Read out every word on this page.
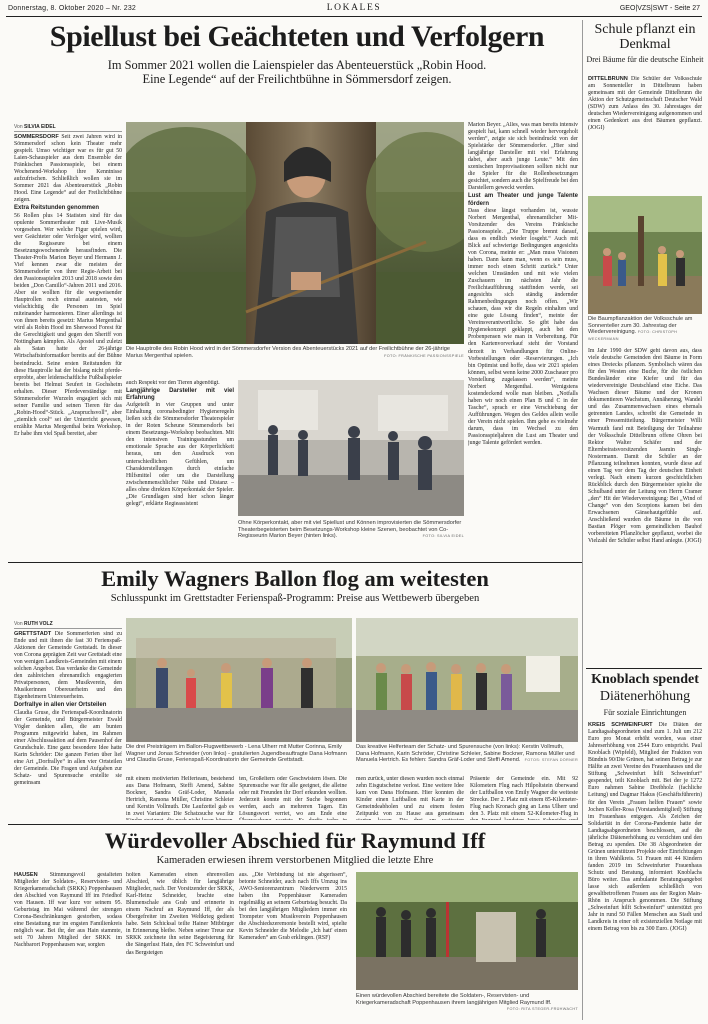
Donnerstag, 8. Oktober 2020 – Nr. 232	LOKALES	GEO|VZS|SWT - Seite 27
Spiellust bei Geächteten und Verfolgern
Im Sommer 2021 wollen die Laienspieler das Abenteuerstück „Robin Hood.
Eine Legende“ auf der Freilichtbühne in Sömmersdorf zeigen.
Von SILVIA EIDEL
SÖMMERSDORF Seit zwei Jahren wird in Sömmersdorf schon kein Theater mehr gespielt. Umso wichtiger war es für gut 50 Laien-Schauspieler aus dem Ensemble der Fränkischen Passionsspiele, bei einem Wochenend-Workshop ihre Kenntnisse aufzufrischen. Schließlich wollen sie im Sommer 2021 das Abenteuerstück „Robin Hood. Eine Legende“ auf der Freilichtbühne zeigen.
Extra Reitstunden genommen
56 Rollen plus 14 Statisten sind für das opulente Sommertheater mit Live-Musik vorgesehen. Wer welche Figur spielen wird, wer Geächteter oder Verfolger wird, wollten die Regisseure bei einem Besetzungswochenende herausfinden. Die Theater-Profis Marion Beyer und Hermann J. Vief kennen zwar die meisten der Sömmersdorfer von ihrer Regie-Arbeit bei den Passionsspielen 2013 und 2018 sowie den beiden „Don Camillo“-Jahren 2011 und 2016. Aber sie wollten für die wegweisender Hauptrollen noch einmal austesten, wie vielschichtig die Personen im Spiel miteinander harmonieren. Einer allerdings ist von ihnen bereits gesetzt: Marius Mergenthal wird als Robin Hood im Sherwood Forest für die Gerechtigkeit und gegen den Sheriff von Nottingham kämpfen. Als Apostel und zuletzt als Satan hatte der 26-jährige Wirtschaftsinformatiker bereits auf der Bühne beeindruckt. Seine ersten Reitstunden für diese Hauptrolle hat der bislang nicht pferde-erprobte, aber leidenschaftliche Fußballspieler bereits bei Helmut Seufert in Gochsheim erhalten. Dieser Pferdeverständige mit Sömmersdorfer Wurzeln engagiert sich mit seiner Familie und seinen Tieren für das „Robin-Hood“-Stück. „Anspruchsvoll“, aber „ziemlich cool“ sei der Unterricht gewesen, erzählte Marius Mergenthal beim Workshop. Er habe ihm viel Spaß bereitet, aber
Die Hauptrolle des Robin Hood wird in der Sömmersdorfer Version des Abenteuerstücks 2021 auf der Freilichtbühne der 26-jährige Marius Mergenthal spielen.	FOTO: FRÄNKISCHE PASSIONSSPIELE
auch Respekt vor den Tieren abgenötigt.
Langjährige Darsteller mit viel Erfahrung
Aufgeteilt in vier Gruppen und unter Einhaltung coronabedingter Hygieneregeln ließen sich die Sömmersdorfer Theaterspieler in der Roten Scheune Sömmersdorfs bei einem Besetzungs-Workshop beobachten. Mit den intensiven Trainingsstunden um emotionale Sprache aus der Körperlichkeit heraus, um den Ausdruck von unterschiedlichen Gefühlen, um Charakterstellungen durch einfache Hilfsmittel oder um die Darstellung zwischenmenschlicher Nähe und Distanz – alles ohne direkten Körperkontakt der Spieler. „Die Grundlagen sind hier schon länger gelegt“, erklärte Regieassistent
Ohne Körperkontakt, aber mit viel Spiellust und Können improvisierten die Sömmersdorfer Theaterbegeisterten beim Besetzungs-Workshop kleine Szenen, beobachtet von Co-Regisseurin Marion Beyer (hinten links).	FOTO: SILVIA EIDEL
Marion Beyer. „Alles, was man bereits intensiv gespielt hat, kann schnell wieder hervorgeholt werden“, zeigte sie sich beeindruckt von der Spielstärke der Sömmersdorfer. „Hier sind langjährige Darsteller mit viel Erfahrung dabei, aber auch junge Leute.“ Mit den szenischen Improvisationen sollten nicht nur die Spieler für die Rollenbesetzungen gesichtet, sondern auch die Spielfreude bei den Darstellern geweckt werden.
Lust am Theater und junge Talente fördern
Dass diese längst vorhanden ist, wusste Norbert Mergenthal, ehrenamtlicher Mit-Vorsitzender des Vereins Fränkische Passionsspiele. „Die Truppe brennt darauf, dass es endlich wieder losgeht.“ Auch mit Blick auf schwierige Bedingungen angesichts von Corona, meinte er: „Man muss Visionen haben. Dann kann man, wenn es sein muss, immer noch einen Schritt zurück.“ Unter welchen Umständen und mit wie vielen Zuschauern im nächsten Jahr die Freilichtaufführung stattfinden werde, sei angesichts sich ständig ändernder Rahmenbedingungen noch offen. „Wir schauen, dass wir die Regeln einhalten und eine gute Lösung finden“, meinte der Vereinsverantwortliche. So gibt habe das Hygienekonzept geklappt, auch bei den Probenpensen wie man in Vorbereitung. Für den Kartenvorverkauf steht der Vorstand derzeit in Verhandlungen für Online-Vorbestellungen oder -Reservierungen. „Ich bin Optimist und hoffe, dass wir 2021 spielen können, selbst wenn keine 2000 Zuschauer pro Vorstellung zugelassen werden“, meinte Norbert Mergenthal. Wenigstens kostendeckend wolle man bleiben. „Notfalls haben wir noch einen Plan B und C in der Tasche“, sprach er eine Verschiebung der Aufführungen. Wegen des Geldes allein wolle der Verein nicht spielen. Ihm gehe es vielmehr darum, dass im Wechsel zu den Passionsspieljahren die Lust am Theater und junge Talente gefördert werden.
Emily Wagners Ballon flog am weitesten
Schlusspunkt im Grettstadter Ferienspaß-Programm: Preise aus Wettbewerb übergeben
Von RUTH VOLZ
GRETTSTADT Die Sommerferien sind zu Ende und mit ihnen die fast 30 Ferienspaß-Aktionen der Gemeinde Grettstadt. In dieser von Corona geprägten Zeit war Grettstadt eine von wenigen Landkreis-Gemeinden mit einem solchen Angebot. Das verdanke die Gemeinde den zahlreichen ehrenamtlich engagierten Privatpersonen, dem Musikverein, den Musikerinnen Obereuerheim und den Eigenheimern Untereuerheim.
Dorfrallye in allen vier Ortsteilen
Claudia Gruse, die Ferienspaß-Koordinatorin der Gemeinde, und Bürgermeister Ewald Vögler dankten allen, die am bunten Programm mitgewirkt haben, im Rahmen einer Abschlussaktion auf dem Pausenhof der Grundschule. Eine ganz besondere Idee hatte Karin Schröder: Die ganzen Ferien über lief eine Art „Dorfrallye“ in allen vier Ortsteilen der Gemeinde. Die Fragen und Aufgaben zur Schatz- und Spurensuche erstellte sie gemeinsam
Die drei Preisträgern im Ballon-Flugwettbewerb - Lena Ulherr mit Mutter Corinna, Emily Wagner und Jonas Schneider (von links) - gratulierten Jugendbeauftragte Dana Hofmann und Claudia Gruse, Ferienspaß-Koordinatorin der Gemeinde Grettstadt.
Das kreative Helferteam der Schatz- und Spurensuche (von links): Kerstin Vollmuth, Dana Hofmann, Karin Schröder, Christine Schleier, Sabine Bockner, Ramona Müller und Manuela Hertrich. Es fehlen: Sandra Gräf-Loder und Steffi Amend. FOTOS: STEFAN DÖRNER
mit einem motivierten Helferteam, bestehend aus Dana Hofmann, Steffi Amend, Sabine Bockner, Sandra Gräf-Loder, Manuela Hertrich, Ramona Müller, Christine Schleier und Kerstin Vollmuth. Die Laufzettel gab es in zwei Varianten: Die Schatzsuche war für
ten, Großeltern oder Geschwistern lösen. Die Spurensuche war für alle geeignet, die alleine oder mit Freunden ihr Dorf erkunden wollten. Jederzeit konnte mit der Suche begonnen werden, auch an mehreren Tagen. Ein Lösungswort verriet, wo am Ende eine
men zurück, unter diesen wurden noch einmal zehn Eisgutscheine verlost. Eine weitere Idee kam von Dana Hofmann. Hier konnten die Kinder einen Luftballon mit Karte in der Gemeindeabholen und zu einem festen Zeitpunkt von zu Hause aus gemeinsam
Präsente der Gemeinde ein. Mit 92 Kilometern Flug nach Hilpoltstein überwand der Luftballon von Emily Wagner die weiteste Strecke. Der 2. Platz mit einem 85-Kilometer-Flug nach Kronach ging an Lena Ulherr und den 3. Platz mit einem 52-Kilometer-Flug in
Würdevoller Abschied für Raymund Iff
Kameraden erwiesen ihrem verstorbenen Mitglied die letzte Ehre
HAUSEN Stimmungsvoll gestalteten Mitglieder der Soldaten-, Reservisten- und Kriegerkameradschaft (SRKK) Poppenhausen den Abschied von Raymund Iff im Friedhof von Hausen. Iff war kurz vor seinem 95. Geburtstag im Mai während der strengen Corona-Beschränkungen gestorben, sodass eine Bestattung nur im engsten Familienkreis möglich war. Bei ihr, der aus Hain stammte, seit 70 Jahren Mitglied der SRKK im Nachbarort Poppenhausen war, sorgten
holten Kameraden einen ehrenvollen Abschied, wie üblich für langjährige Mitglieder, nach. Der Vorsitzender der SRKK, Karl-Heinz Schneider, brachte eine Blumenschale ans Grab und erinnerte in einem Nachruf an Raymund Iff, der als Obergefreiter im Zweiten Weltkrieg gedient habe. Sein Schicksal teilte Hainer Mitbürger in Erinnerung bleibe. Neben seiner Treue zur SRKK zeichnete ihn seine Begeisterung für die Sängerlust Hain, den FC Schweinfurt und das Bergsteigen
aus. „Die Verbindung ist nie abgerissen“, betonte Schneider, auch nach Iffs Umzug ins AWO-Seniorenzentrum Niederwerrn 2015 haben ihn Poppenhäuser Kameraden regelmäßig an seinem Geburtstag besucht. Da bei den langjährigen Mitgliedern immer ein Trompeter vom Musikverein Poppenhausen die Abschiedszeremonie bestellt wird, spielte Kevin Schneider die Melodie „Ich hatt' einen Kameraden“ am Grab erklingen. (RSF)
Einen würdevollen Abschied bereitete die Soldaten-, Reservisten- und Kriegerkameradschaft Poppenhausen ihrem langjährigen Mitglied Raymund Iff.
FOTO: RITA STEGER-FRÜHWACHT
Schule pflanzt ein Denkmal
Drei Bäume für die deutsche Einheit
DITTELBRUNN Die Schüler der Volksschule am Sonnenteller in Dittelbrunn haben gemeinsam mit der Gemeinde Dittelbrunn die Aktion der Schutzgemeinschaft Deutscher Wald (SDW) zum Anlass des 30. Jahrestages der deutschen Wiedervereinigung aufgenommen und einen Gedenkort aus drei Bäumen gepflanzt. (JOGI)
Die Baumpflanzaktion der Volksschule am Sonnenteller zum 30. Jahrestag der Wiedervereinigung. FOTO: CHRISTOPH WECKERMANN
Im Jahr 1990 der SDW geht davon aus, dass viele deutsche Gemeinden drei Bäume in Form eines Dreiecks pflanzen. Symbolisch wären das für den Westen eine Buche, für die östlichen Bundesländer eine Kiefer und für das wiedervereinigte Deutschland eine Eiche. Das Wachsen dieser Bäume und der Kronen dokumentieren Wachstum, Annäherung, Wandel und das Zusammenwachsen eines ehemals getrennten Landes, schreibt die Gemeinde in einer Pressemitteilung. Bürgermeister Willi Warmuth fand mit Beteiligung der Teilnahme der Volksschule Dittelbrunn offene Ohren bei Rektor Walter Schäfer und der Elternbeiratsvorsitzenden Jasmin Singh-Nostermann. Damit die Schüler an der Pflanzung teilnehmen konnten, wurde diese auf einen Tag vor dem Tag der deutschen Einheit verlegt. Nach einem kurzen geschichtlichen Rückblick durch den Bürgermeister spielte die Schulband unter der Leitung von Herrn Cramer „den“ Hit der Wiedervereinigung: Bei „Wind of Change“ von den Scorpions kamen bei den Erwachsenen Gänsehautgefühle auf. Anschließend wurden die Bäume in die von Bastian Plöger vom gemeindlichen Bauhof vorbereiteten Pflanzlöcher gepflanzt, worbei die Vielzahl der Schüler selbst Hand anlegte. (JOGI)
Knoblach spendet
Diätenerhöhung
Für soziale Einrichtungen
KREIS SCHWEINFURT Die Diäten der Landtagsabgeordneten sind zum 1. Juli um 212 Euro pro Monat erhöht worden, was einer Jahreserhöhung von 2544 Euro entspricht. Paul Knoblach (Wipfeld), Mitglied der Fraktion von Bündnis 90/Die Grünen, hat seinen Betrag je zur Hälfte an zwei Vereine des Frauenhauses und die Stiftung „Schweinfurt hilft Schweinfurt“ gespendet, teilt Knoblach mit. Bei der je 1272 Euro nahmen Sabine Dreibholz (fachliche Leitung) und Dagmar Hakus (Geschäftsführerin) für den Verein „Frauen helfen Frauen“ sowie Jochen Keller-Rosa (Vorstandsmitglied) Stiftung im Frauenhaus entgegen. Als Zeichen der Solidarität in der Corona-Pandemie hatte der Landtagsabgeordneten beschlossen, auf die jährliche Diätenerhöhung zu verzichten und den Betrag zu spenden. Die 38 Abgeordneten der Grünen unterstützen Projekte oder Einrichtungen in ihren Wahlkreis. 51 Frauen mit 44 Kindern fanden 2019 im Schweinfurter Frauenhaus Schutz und Beratung, informiert Knoblachs Büro weiter. Das ambulante Beratungsangebot lasse sich außerdem schließlich von gewaltbetroffenen Frauen aus der Region Main-Rhön in Anspruch genommen. Die Stiftung „Schweinfurt hilft Schweinfurt“ unterstützt pro Jahr in rund 50 Fällen Menschen aus Stadt und Landkreis in einer oft existenziellen Notlage mit einem Betrag von bis zu 300 Euro. (JOGI)
